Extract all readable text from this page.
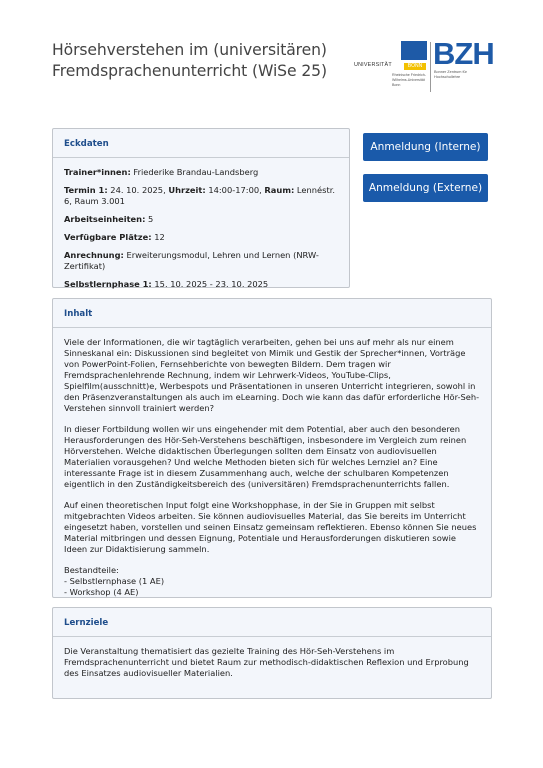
Hörsehverstehen im (universitären)
Fremdsprachenunterricht (WiSe 25)	UNIVERSITÄT	BONN
Rheinische Friedrich-Wilhelms-Universität Bonn
BZH
Bonner Zentrum für Hochschullehre
Anmeldung (Interne)
Anmeldung (Externe)
Eckdaten

Trainer*innen: Friederike Brandau-Landsberg

Termin 1: 24. 10. 2025, Uhrzeit: 14:00-17:00, Raum: Lennéstr. 6, Raum 3.001

Arbeitseinheiten: 5

Verfügbare Plätze: 12

Anrechnung: Erweiterungsmodul, Lehren und Lernen (NRW-Zertifikat)

Selbstlernphase 1: 15. 10. 2025 - 23. 10. 2025

Inhalt

Viele der Informationen, die wir tagtäglich verarbeiten, gehen bei uns auf mehr als nur einem Sinneskanal ein: Diskussionen sind begleitet von Mimik und Gestik der Sprecher*innen, Vorträge von PowerPoint-Folien, Fernsehberichte von bewegten Bildern. Dem tragen wir Fremdsprachenlehrende Rechnung, indem wir Lehrwerk-Videos, YouTube-Clips, Spielfilm(ausschnitt)e, Werbespots und Präsentationen in unseren Unterricht integrieren, sowohl in den Präsenzveranstaltungen als auch im eLearning. Doch wie kann das dafür erforderliche Hör-Seh-Verstehen sinnvoll trainiert werden?

In dieser Fortbildung wollen wir uns eingehender mit dem Potential, aber auch den besonderen Herausforderungen des Hör-Seh-Verstehens beschäftigen, insbesondere im Vergleich zum reinen Hörverstehen. Welche didaktischen Überlegungen sollten dem Einsatz von audiovisuellen Materialien vorausgehen? Und welche Methoden bieten sich für welches Lernziel an? Eine interessante Frage ist in diesem Zusammenhang auch, welche der schulbaren Kompetenzen eigentlich in den Zuständigkeitsbereich des (universitären) Fremdsprachenunterrichts fallen.

Auf einen theoretischen Input folgt eine Workshopphase, in der Sie in Gruppen mit selbst mitgebrachten Videos arbeiten. Sie können audiovisuelles Material, das Sie bereits im Unterricht eingesetzt haben, vorstellen und seinen Einsatz gemeinsam reflektieren. Ebenso können Sie neues Material mitbringen und dessen Eignung, Potentiale und Herausforderungen diskutieren sowie Ideen zur Didaktisierung sammeln.

Bestandteile:
- Selbstlernphase (1 AE)
- Workshop (4 AE)
Lernziele

Die Veranstaltung thematisiert das gezielte Training des Hör-Seh-Verstehens im Fremdsprachenunterricht und bietet Raum zur methodisch-didaktischen Reflexion und Erprobung des Einsatzes audiovisueller Materialien.
